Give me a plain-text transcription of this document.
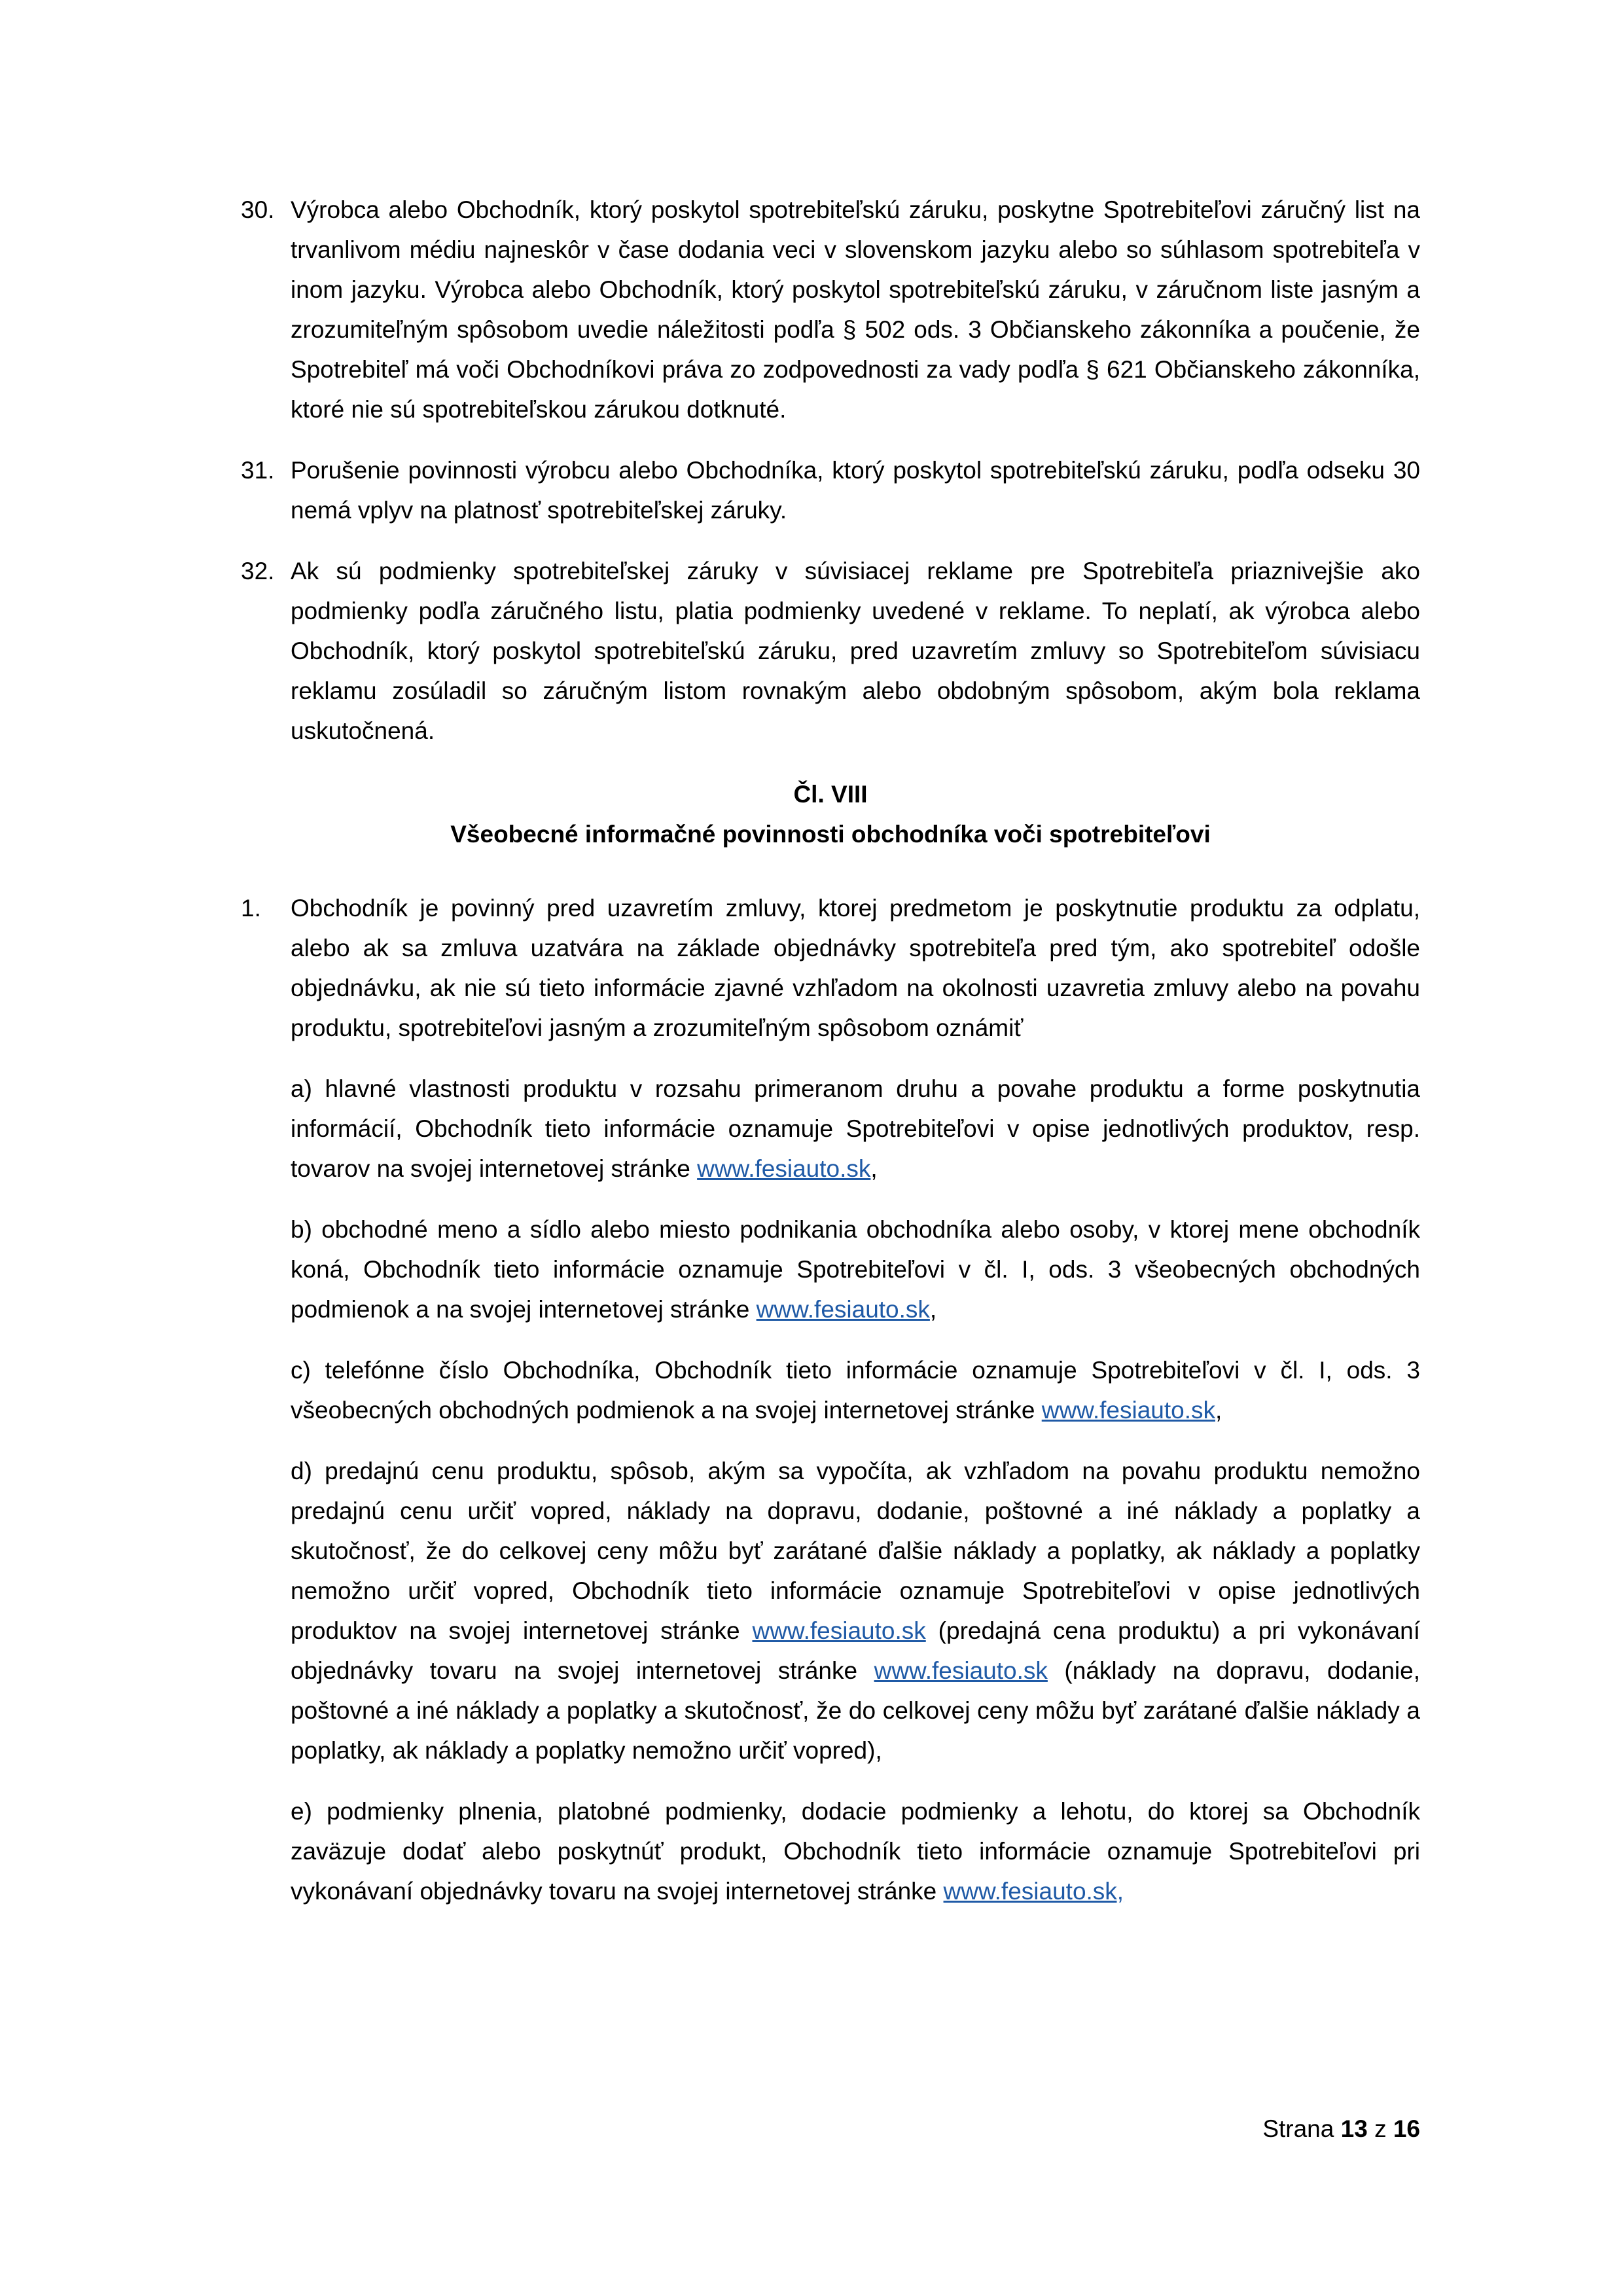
30. Výrobca alebo Obchodník, ktorý poskytol spotrebiteľskú záruku, poskytne Spotrebiteľovi záručný list na trvanlivom médiu najneskôr v čase dodania veci v slovenskom jazyku alebo so súhlasom spotrebiteľa v inom jazyku. Výrobca alebo Obchodník, ktorý poskytol spotrebiteľskú záruku, v záručnom liste jasným a zrozumiteľným spôsobom uvedie náležitosti podľa § 502 ods. 3 Občianskeho zákonníka a poučenie, že Spotrebiteľ má voči Obchodníkovi práva zo zodpovednosti za vady podľa § 621 Občianskeho zákonníka, ktoré nie sú spotrebiteľskou zárukou dotknuté.
31. Porušenie povinnosti výrobcu alebo Obchodníka, ktorý poskytol spotrebiteľskú záruku, podľa odseku 30 nemá vplyv na platnosť spotrebiteľskej záruky.
32. Ak sú podmienky spotrebiteľskej záruky v súvisiacej reklame pre Spotrebiteľa priaznivejšie ako podmienky podľa záručného listu, platia podmienky uvedené v reklame. To neplatí, ak výrobca alebo Obchodník, ktorý poskytol spotrebiteľskú záruku, pred uzavretím zmluvy so Spotrebiteľom súvisiacu reklamu zosúladil so záručným listom rovnakým alebo obdobným spôsobom, akým bola reklama uskutočnená.
Čl. VIII
Všeobecné informačné povinnosti obchodníka voči spotrebiteľovi
1. Obchodník je povinný pred uzavretím zmluvy, ktorej predmetom je poskytnutie produktu za odplatu, alebo ak sa zmluva uzatvára na základe objednávky spotrebiteľa pred tým, ako spotrebiteľ odošle objednávku, ak nie sú tieto informácie zjavné vzhľadom na okolnosti uzavretia zmluvy alebo na povahu produktu, spotrebiteľovi jasným a zrozumiteľným spôsobom oznámiť
a) hlavné vlastnosti produktu v rozsahu primeranom druhu a povahe produktu a forme poskytnutia informácií, Obchodník tieto informácie oznamuje Spotrebiteľovi v opise jednotlivých produktov, resp. tovarov na svojej internetovej stránke www.fesiauto.sk,
b) obchodné meno a sídlo alebo miesto podnikania obchodníka alebo osoby, v ktorej mene obchodník koná, Obchodník tieto informácie oznamuje Spotrebiteľovi v čl. I, ods. 3 všeobecných obchodných podmienok a na svojej internetovej stránke www.fesiauto.sk,
c) telefónne číslo Obchodníka, Obchodník tieto informácie oznamuje Spotrebiteľovi v čl. I, ods. 3 všeobecných obchodných podmienok a na svojej internetovej stránke www.fesiauto.sk,
d) predajnú cenu produktu, spôsob, akým sa vypočíta, ak vzhľadom na povahu produktu nemožno predajnú cenu určiť vopred, náklady na dopravu, dodanie, poštovné a iné náklady a poplatky a skutočnosť, že do celkovej ceny môžu byť zarátané ďalšie náklady a poplatky, ak náklady a poplatky nemožno určiť vopred, Obchodník tieto informácie oznamuje Spotrebiteľovi v opise jednotlivých produktov na svojej internetovej stránke www.fesiauto.sk (predajná cena produktu) a pri vykonávaní objednávky tovaru na svojej internetovej stránke www.fesiauto.sk (náklady na dopravu, dodanie, poštovné a iné náklady a poplatky a skutočnosť, že do celkovej ceny môžu byť zarátané ďalšie náklady a poplatky, ak náklady a poplatky nemožno určiť vopred),
e) podmienky plnenia, platobné podmienky, dodacie podmienky a lehotu, do ktorej sa Obchodník zaväzuje dodať alebo poskytnúť produkt, Obchodník tieto informácie oznamuje Spotrebiteľovi pri vykonávaní objednávky tovaru na svojej internetovej stránke www.fesiauto.sk,
Strana 13 z 16
